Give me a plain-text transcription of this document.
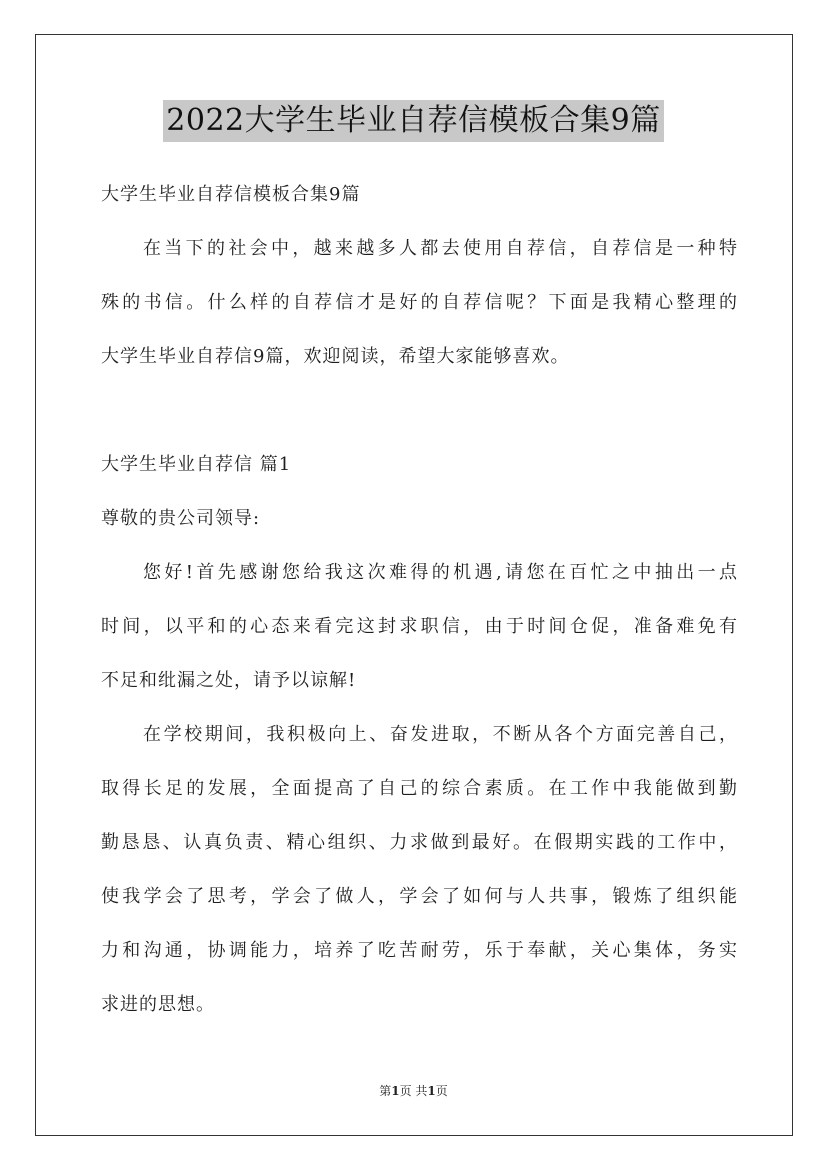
2022大学生毕业自荐信模板合集9篇
大学生毕业自荐信模板合集9篇
在当下的社会中，越来越多人都去使用自荐信，自荐信是一种特
殊的书信。什么样的自荐信才是好的自荐信呢？下面是我精心整理的
大学生毕业自荐信9篇，欢迎阅读，希望大家能够喜欢。
大学生毕业自荐信 篇1
尊敬的贵公司领导:
您好!首先感谢您给我这次难得的机遇,请您在百忙之中抽出一点
时间，以平和的心态来看完这封求职信，由于时间仓促，准备难免有
不足和纰漏之处，请予以谅解!
在学校期间，我积极向上、奋发进取，不断从各个方面完善自己，
取得长足的发展，全面提高了自己的综合素质。在工作中我能做到勤
勤恳恳、认真负责、精心组织、力求做到最好。在假期实践的工作中，
使我学会了思考，学会了做人，学会了如何与人共事，锻炼了组织能
力和沟通，协调能力，培养了吃苦耐劳，乐于奉献，关心集体，务实
求进的思想。
第1页 共1页
